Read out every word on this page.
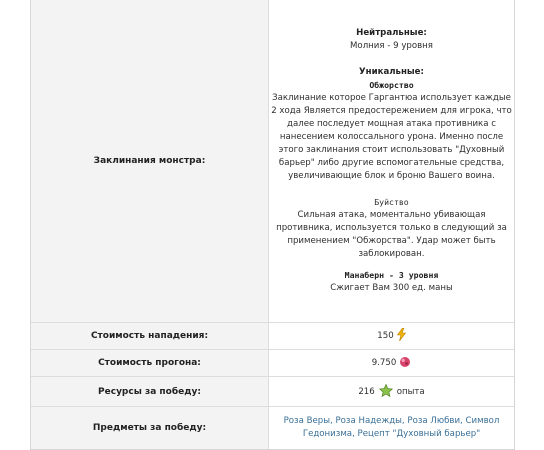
Заклинания монстра:
Нейтральные:
Молния - 9 уровня
Уникальные:
Обжорство
Заклинание которое Гаргантюа использует каждые
2 хода Является предостережением для игрока, что
далее последует мощная атака противника с
нанесением колоссального урона. Именно после
этого заклинания стоит использовать "Духовный
барьер" либо другие вспомогательные средства,
увеличивающие блок и броню Вашего воина.
Буйство
Сильная атака, моментально убивающая
противника, используется только в следующий за
применением "Обжорства". Удар может быть
заблокирован.
Манаберн - 3 уровня
Сжигает Вам 300 ед. маны
Стоимость нападения:	150
Стоимость прогона:	9.750
Ресурсы за победу:	216	опыта
Предметы за победу:
Роза Веры, Роза Надежды, Роза Любви, Символ
Гедонизма, Рецепт "Духовный барьер"
